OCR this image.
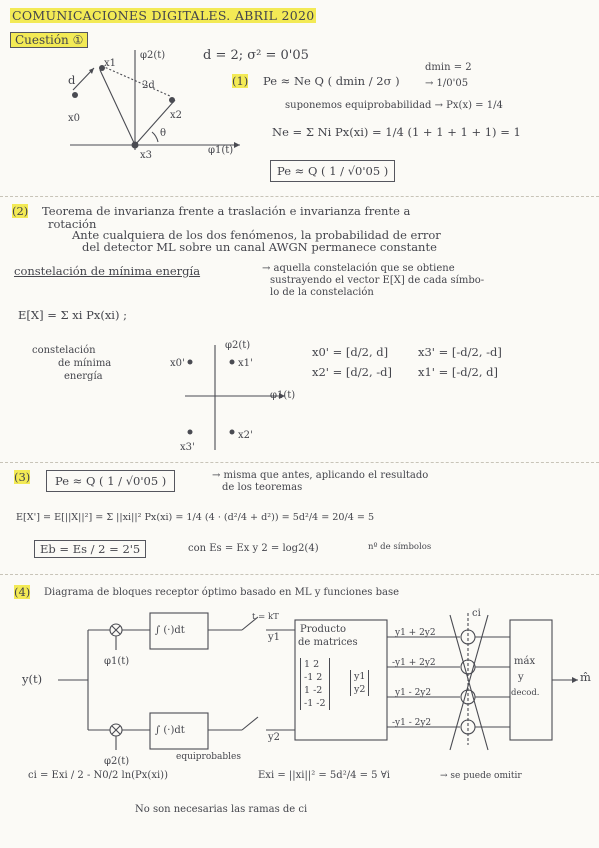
COMUNICACIONES DIGITALES. ABRIL 2020
Cuestión ①
φ2(t)
φ1(t)
x0
x1
x2
x3
d	2d
θ
d = 2; σ² = 0'05
(1) Pe ≈ Ne Q ( dmin / 2σ )
dmin = 2
→ 1/0'05
suponemos equiprobabilidad → Px(x) = 1/4
Ne = Σ Ni Px(xi) = 1/4 (1 + 1 + 1 + 1) = 1
Pe ≈ Q ( 1 / √0'05 )
(2) Teorema de invarianza frente a traslación e invarianza frente a
rotación
Ante cualquiera de los dos fenómenos, la probabilidad de error
del detector ML sobre un canal AWGN permanece constante
constelación de mínima energía	→ aquella constelación que se obtiene
sustrayendo el vector E[X] de cada símbo-
lo de la constelación
E[X] = Σ xi Px(xi) ;
constelación
de mínima
energía
φ2(t)
φ1(t)
x0'	x1'
x3'
x2'
x0' = [d/2, d]
x2' = [d/2, -d]
x3' = [-d/2, -d]
x1' = [-d/2, d]
(3)	Pe ≈ Q ( 1 / √0'05 )	→ misma que antes, aplicando el resultado
de los teoremas
E[X'] = E[||X||²] = Σ ||xi||² Px(xi) = 1/4 (4 · (d²/4 + d²)) = 5d²/4 = 20/4 = 5
Eb = Es / 2 = 2'5	con Es = Ex y 2 = log2(4)	nº de símbolos
(4) Diagrama de bloques receptor óptimo basado en ML y funciones base
y(t)
φ1(t)
φ2(t)
∫ (·)dt
∫ (·)dt
t = kT
y1
y2
Producto
de matrices
1 2
-1 2
1 -2
-1 -2
y1
y2
y1 + 2y2
-y1 + 2y2
y1 - 2y2
-y1 - 2y2
ci
máx
y
decod.
m̂
equiprobables
ci = Exi / 2 - N0/2 ln(Px(xi))	Exi = ||xi||² = 5d²/4 = 5 ∀i	→ se puede omitir
No son necesarias las ramas de ci
